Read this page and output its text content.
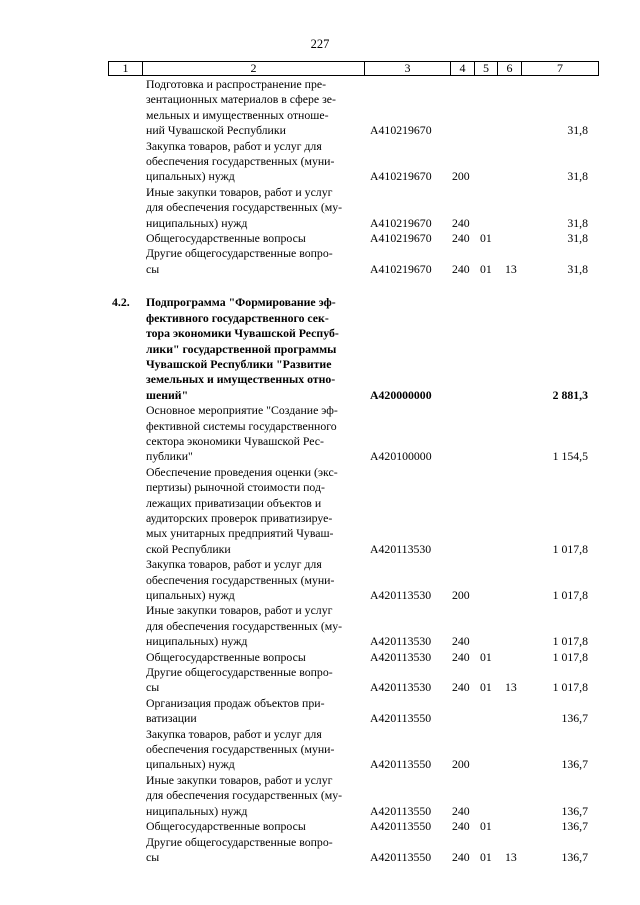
227
1	2	3	4	5	6	7

Подготовка и распространение пре-

зентационных материалов в сфере зе-

мельных и имущественных отноше-

ний Чувашской Республики	А410219670	31,8

Закупка товаров, работ и услуг для

обеспечения государственных (муни-

ципальных) нужд	А410219670 200	31,8

Иные закупки товаров, работ и услуг

для обеспечения государственных (му-

ниципальных) нужд	А410219670 240	31,8

Общегосударственные вопросы	А410219670 240 01	31,8

Другие общегосударственные вопро-

сы	А410219670 240 01 13	31,8
4.2. Подпрограмма "Формирование эф-

фективного государственного сек-

тора экономики Чувашской Респуб-

лики" государственной программы

Чувашской Республики "Развитие

земельных и имущественных отно-

шений"	А420000000	2 881,3

Основное мероприятие "Создание эф-

фективной системы государственного

сектора экономики Чувашской Рес-

публики"	А420100000	1 154,5

Обеспечение проведения оценки (экс-

пертизы) рыночной стоимости под-

лежащих приватизации объектов и

аудиторских проверок приватизируе-

мых унитарных предприятий Чуваш-

ской Республики	А420113530	1 017,8

Закупка товаров, работ и услуг для

обеспечения государственных (муни-

ципальных) нужд	А420113530 200	1 017,8

Иные закупки товаров, работ и услуг

для обеспечения государственных (му-

ниципальных) нужд	А420113530 240	1 017,8

Общегосударственные вопросы	А420113530 240 01	1 017,8

Другие общегосударственные вопро-

сы	А420113530 240 01 13	1 017,8

Организация продаж объектов при-

ватизации	А420113550	136,7

Закупка товаров, работ и услуг для

обеспечения государственных (муни-

ципальных) нужд	А420113550 200	136,7

Иные закупки товаров, работ и услуг

для обеспечения государственных (му-

ниципальных) нужд	А420113550 240	136,7

Общегосударственные вопросы	А420113550 240 01	136,7

Другие общегосударственные вопро-

сы	А420113550 240 01 13	136,7
